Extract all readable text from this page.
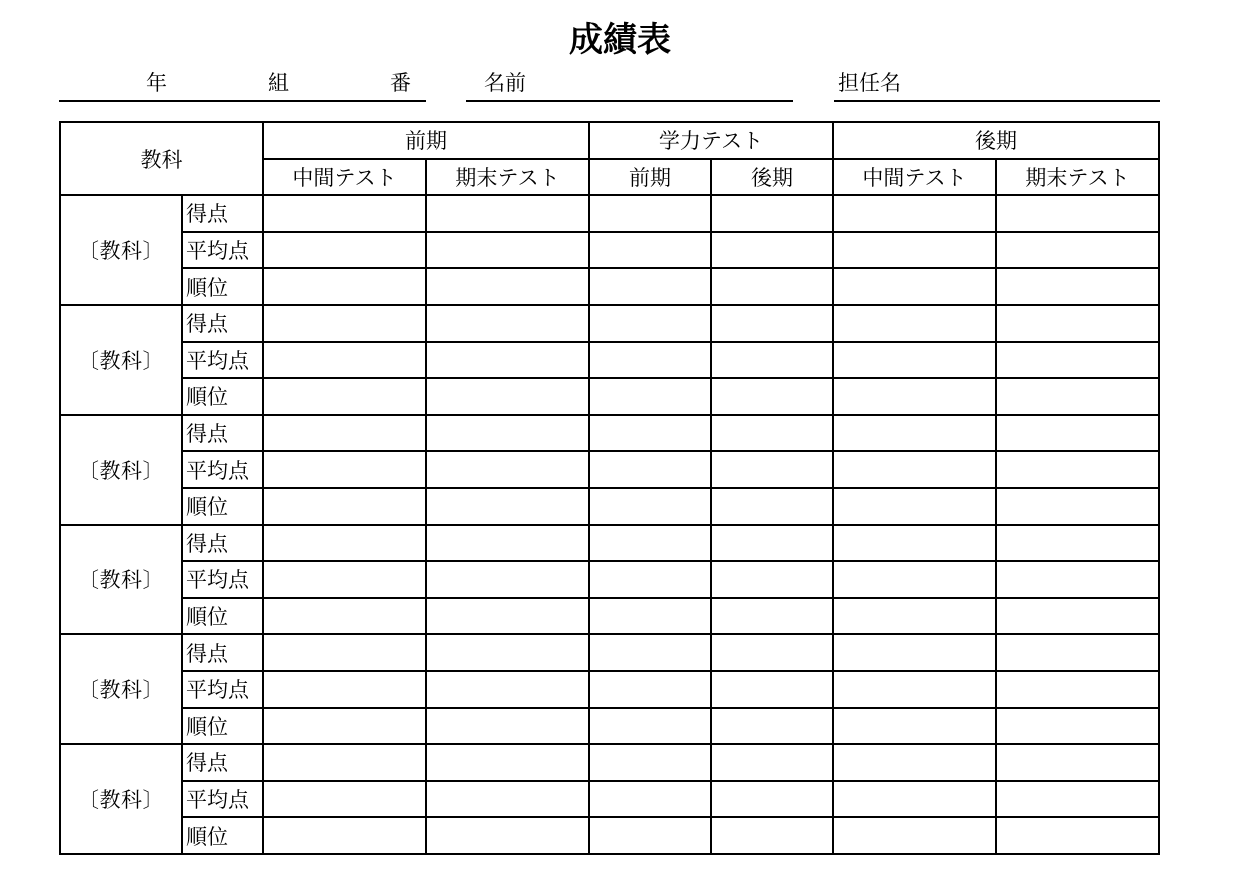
成績表
年	組	番	名前	担任名
教科		前期		学力テスト		後期	
		中間テスト	期末テスト	前期	後期	中間テスト	期末テスト
〔教科〕	得点						
	平均点						
	順位						
〔教科〕	得点						
	平均点						
	順位						
〔教科〕	得点						
	平均点						
	順位						
〔教科〕	得点						
	平均点						
	順位						
〔教科〕	得点						
	平均点						
	順位						
〔教科〕	得点						
	平均点						
	順位						
